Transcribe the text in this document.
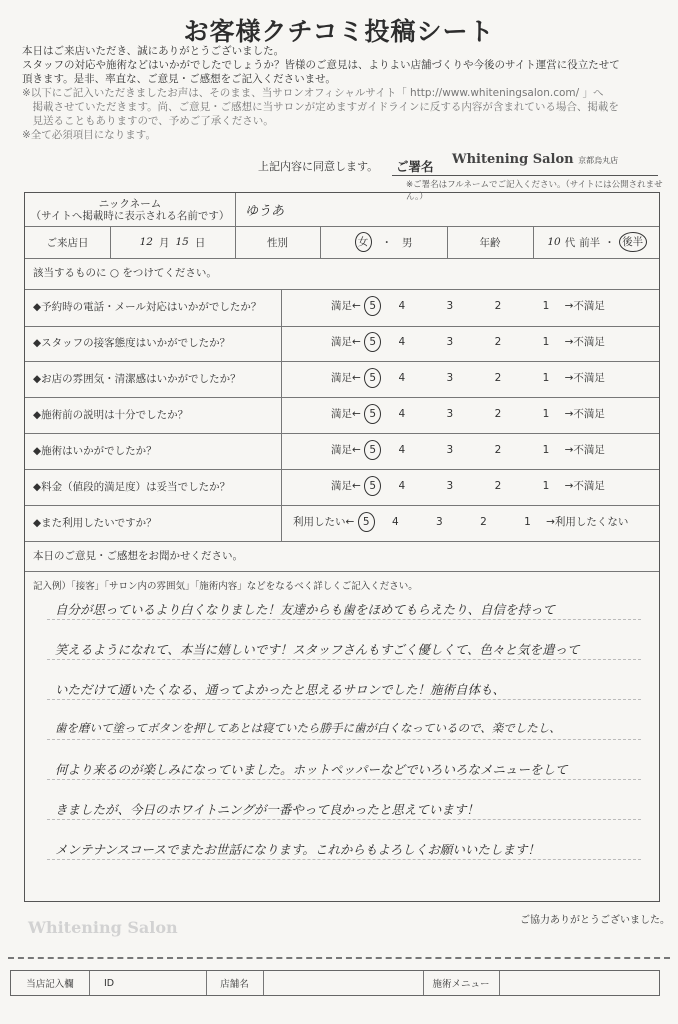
お客様クチコミ投稿シート
本日はご来店いただき、誠にありがとうございました。
スタッフの対応や施術などはいかがでしたでしょうか？皆様のご意見は、よりよい店舗づくりや今後のサイト運営に役立たせて
頂きます。是非、率直な、ご意見・ご感想をご記入くださいませ。
※以下にご記入いただきましたお声は、そのまま、当サロンオフィシャルサイト「 http://www.whiteningsalon.com/ 」へ
　掲載させていただきます。尚、ご意見・ご感想に当サロンが定めますガイドラインに反する内容が含まれている場合、掲載を
　見送ることもありますので、予めご了承ください。
※全て必須項目になります。
上記内容に同意します。 ご署名 Whitening Salon 京都烏丸店
※ご署名はフルネームでご記入ください。（サイトには公開されません。）
ニックネーム
（サイトへ掲載時に表示される名前です） ゆうあ
ご来店日	12 月 15 日	性別	女	・ 男	年齢	10 代 前半 ・ 後半
該当するものに ○ をつけてください。
◆予約時の電話・メール対応はいかがでしたか？	満足← 5 4	3	2	1 →不満足
◆スタッフの接客態度はいかがでしたか？	満足← 5 4	3	2	1 →不満足
◆お店の雰囲気・清潔感はいかがでしたか？	満足← 5 4	3	2	1 →不満足
◆施術前の説明は十分でしたか？	満足← 5 4	3	2	1 →不満足
◆施術はいかがでしたか？	満足← 5 4	3	2	1 →不満足
◆料金（値段的満足度）は妥当でしたか？	満足← 5 4	3	2	1 →不満足
◆また利用したいですか？	利用したい← 5 4	3	2	1 →利用したくない
本日のご意見・ご感想をお聞かせください。
記入例）「接客」「サロン内の雰囲気」「施術内容」などをなるべく詳しくご記入ください。
自分が思っているより白くなりました！友達からも歯をほめてもらえたり、自信を持って
笑えるようになれて、本当に嬉しいです！スタッフさんもすごく優しくて、色々と気を遣って
いただけて通いたくなる、通ってよかったと思えるサロンでした！施術自体も、
歯を磨いて塗ってボタンを押してあとは寝ていたら勝手に歯が白くなっているので、楽でしたし、
何より来るのが楽しみになっていました。ホットペッパーなどでいろいろなメニューをして
きましたが、今日のホワイトニングが一番やって良かったと思えています！
メンテナンスコースでまたお世話になります。これからもよろしくお願いいたします！
Whitening Salon	ご協力ありがとうございました。
当店記入欄	ID	店舗名	施術メニュー
